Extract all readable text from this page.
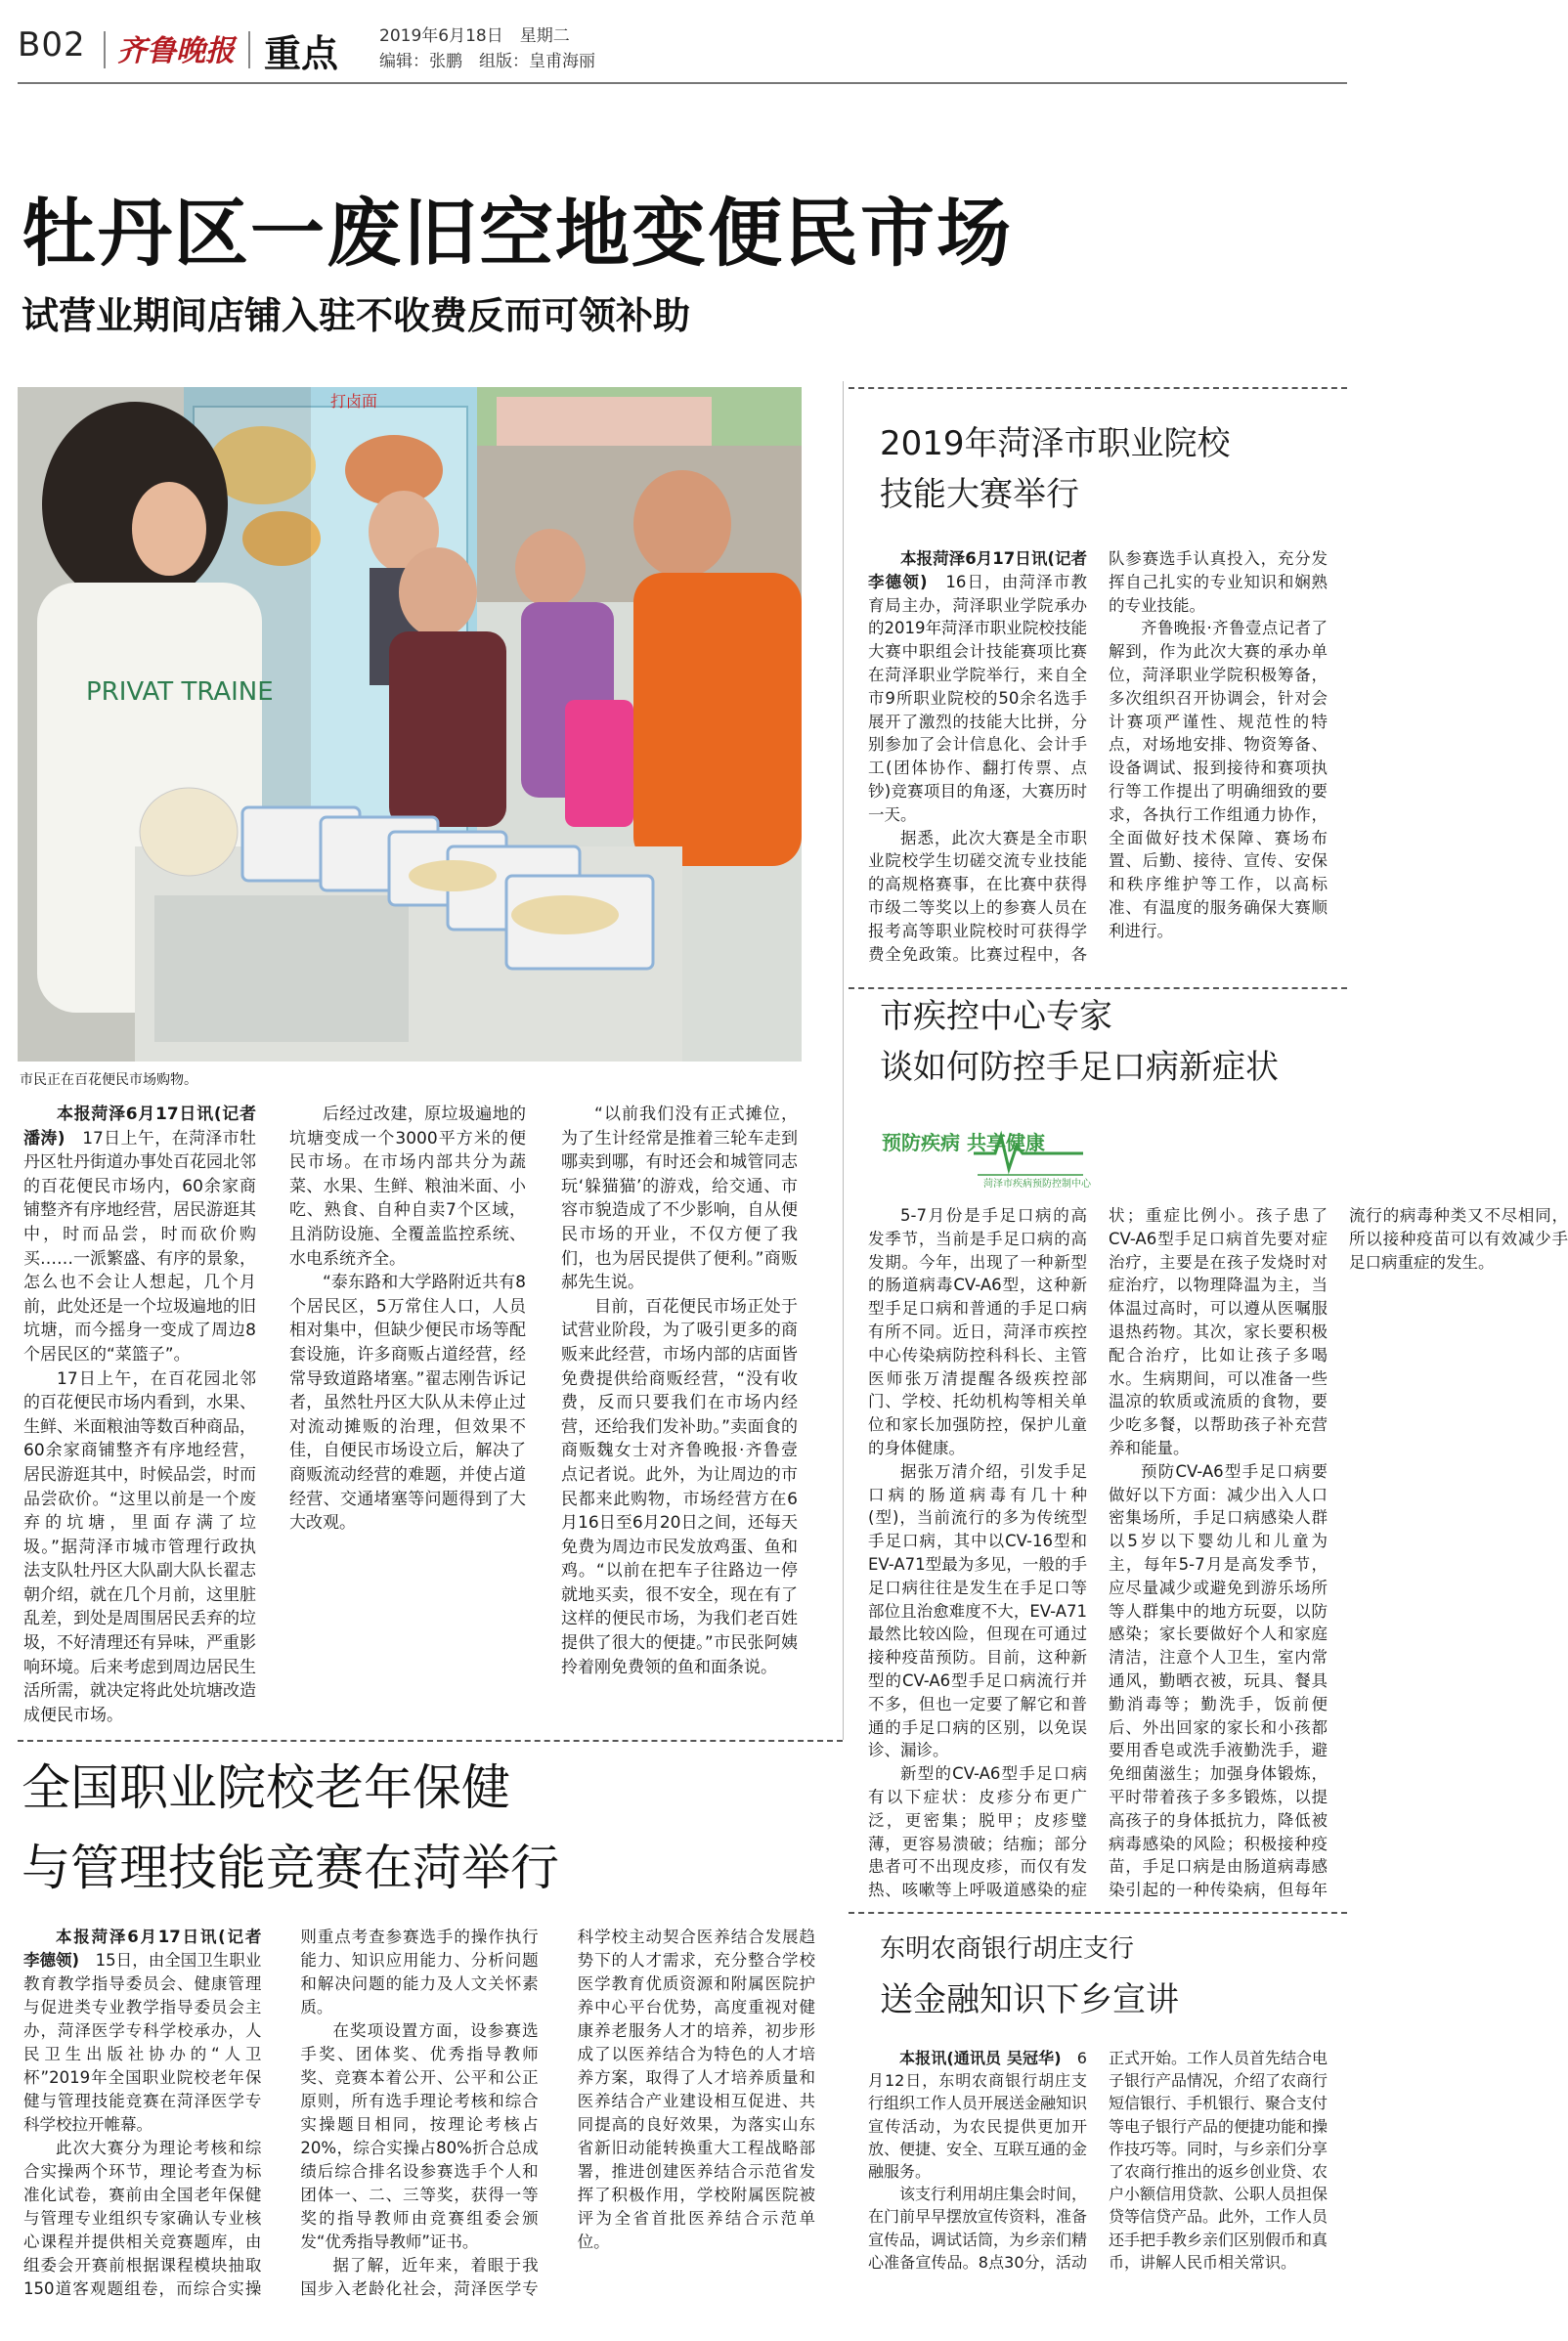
B02 齐鲁晚报 重点 2019年6月18日　星期二
编辑：张鹏　组版：皇甫海丽
牡丹区一废旧空地变便民市场
试营业期间店铺入驻不收费反而可领补助
打卤面
PRIVAT TRAINE
市民正在百花便民市场购物。

本报菏泽6月17日讯(记者 潘涛)　 17日上午，在菏泽市牡丹区牡丹街道办事处百花园北邻的百花便民市场内，60余家商铺整齐有序地经营，居民游逛其中，时而品尝，时而砍价购买……一派繁盛、有序的景象，怎么也不会让人想起，几个月前，此处还是一个垃圾遍地的旧坑塘，而今摇身一变成了周边8个居民区的“菜篮子”。

17日上午，在百花园北邻的百花便民市场内看到，水果、生鲜、米面粮油等数百种商品，60余家商铺整齐有序地经营，居民游逛其中，时候品尝，时而品尝砍价。“这里以前是一个废弃的坑塘，里面存满了垃圾。”据菏泽市城市管理行政执法支队牡丹区大队副大队长翟志朝介绍，就在几个月前，这里脏乱差，到处是周围居民丢弃的垃圾，不好清理还有异味，严重影响环境。后来考虑到周边居民生活所需，就决定将此处坑塘改造成便民市场。

后经过改建，原垃圾遍地的坑塘变成一个3000平方米的便民市场。在市场内部共分为蔬菜、水果、生鲜、粮油米面、小吃、熟食、自种自卖7个区域，且消防设施、全覆盖监控系统、水电系统齐全。

“泰东路和大学路附近共有8个居民区，5万常住人口，人员相对集中，但缺少便民市场等配套设施，许多商贩占道经营，经常导致道路堵塞。”翟志刚告诉记者，虽然牡丹区大队从未停止过对流动摊贩的治理，但效果不佳，自便民市场设立后，解决了商贩流动经营的难题，并使占道经营、交通堵塞等问题得到了大大改观。

“以前我们没有正式摊位，为了生计经常是推着三轮车走到哪卖到哪，有时还会和城管同志玩‘躲猫猫’的游戏，给交通、市容市貌造成了不少影响，自从便民市场的开业，不仅方便了我们，也为居民提供了便利。”商贩郝先生说。

目前，百花便民市场正处于试营业阶段，为了吸引更多的商贩来此经营，市场内部的店面皆免费提供给商贩经营，“没有收费，反而只要我们在市场内经营，还给我们发补助。”卖面食的商贩魏女士对齐鲁晚报·齐鲁壹点记者说。此外，为让周边的市民都来此购物，市场经营方在6月16日至6月20日之间，还每天免费为周边市民发放鸡蛋、鱼和鸡。“以前在把车子往路边一停就地买卖，很不安全，现在有了这样的便民市场，为我们老百姓提供了很大的便捷。”市民张阿姨拎着刚免费领的鱼和面条说。

2019年菏泽市职业院校
技能大赛举行

本报菏泽6月17日讯(记者 李德领)　 16日，由菏泽市教育局主办，菏泽职业学院承办的2019年菏泽市职业院校技能大赛中职组会计技能赛项比赛在菏泽职业学院举行，来自全市9所职业院校的50余名选手展开了激烈的技能大比拼，分别参加了会计信息化、会计手工(团体协作、翻打传票、点钞)竞赛项目的角逐，大赛历时一天。

据悉，此次大赛是全市职业院校学生切磋交流专业技能的高规格赛事，在比赛中获得市级二等奖以上的参赛人员在报考高等职业院校时可获得学费全免政策。比赛过程中，各队参赛选手认真投入，充分发挥自己扎实的专业知识和娴熟的专业技能。

齐鲁晚报·齐鲁壹点记者了解到，作为此次大赛的承办单位，菏泽职业学院积极筹备，多次组织召开协调会，针对会计赛项严谨性、规范性的特点，对场地安排、物资筹备、设备调试、报到接待和赛项执行等工作提出了明确细致的要求，各执行工作组通力协作，全面做好技术保障、赛场布置、后勤、接待、宣传、安保和秩序维护等工作，以高标准、有温度的服务确保大赛顺利进行。

市疾控中心专家
谈如何防控手足口病新症状
预防疾病 共享健康
菏泽市疾病预防控制中心

5-7月份是手足口病的高发季节，当前是手足口病的高发期。今年，出现了一种新型的肠道病毒CV-A6型，这种新型手足口病和普通的手足口病有所不同。近日，菏泽市疾控中心传染病防控科科长、主管医师张万清提醒各级疾控部门、学校、托幼机构等相关单位和家长加强防控，保护儿童的身体健康。

据张万清介绍，引发手足口病的肠道病毒有几十种(型)，当前流行的多为传统型手足口病，其中以CV-16型和EV-A71型最为多见，一般的手足口病往往是发生在手足口等部位且治愈难度不大，EV-A71最然比较凶险，但现在可通过接种疫苗预防。目前，这种新型的CV-A6型手足口病流行并不多，但也一定要了解它和普通的手足口病的区别，以免误诊、漏诊。

新型的CV-A6型手足口病有以下症状：皮疹分布更广泛，更密集；脱甲；皮疹璧薄，更容易溃破；结痂；部分患者可不出现皮疹，而仅有发热、咳嗽等上呼吸道感染的症状；重症比例小。孩子患了CV-A6型手足口病首先要对症治疗，主要是在孩子发烧时对症治疗，以物理降温为主，当体温过高时，可以遵从医嘱服退热药物。其次，家长要积极配合治疗，比如让孩子多喝水。生病期间，可以准备一些温凉的软质或流质的食物，要少吃多餐，以帮助孩子补充营养和能量。

预防CV-A6型手足口病要做好以下方面：减少出入人口密集场所，手足口病感染人群以5岁以下婴幼儿和儿童为主，每年5-7月是高发季节，应尽量减少或避免到游乐场所等人群集中的地方玩耍，以防感染；家长要做好个人和家庭清洁，注意个人卫生，室内常通风，勤晒衣被，玩具、餐具勤消毒等；勤洗手，饭前便后、外出回家的家长和小孩都要用香皂或洗手液勤洗手，避免细菌滋生；加强身体锻炼，平时带着孩子多多锻炼，以提高孩子的身体抵抗力，降低被病毒感染的风险；积极接种疫苗，手足口病是由肠道病毒感染引起的一种传染病，但每年流行的病毒种类又不尽相同，所以接种疫苗可以有效减少手足口病重症的发生。

全国职业院校老年保健
与管理技能竞赛在菏举行

本报菏泽6月17日讯(记者 李德领)　 15日，由全国卫生职业教育教学指导委员会、健康管理与促进类专业教学指导委员会主办，菏泽医学专科学校承办，人民卫生出版社协办的“人卫杯”2019年全国职业院校老年保健与管理技能竞赛在菏泽医学专科学校拉开帷幕。

此次大赛分为理论考核和综合实操两个环节，理论考查为标准化试卷，赛前由全国老年保健与管理专业组织专家确认专业核心课程并提供相关竞赛题库，由组委会开赛前根据课程模块抽取150道客观题组卷，而综合实操则重点考查参赛选手的操作执行能力、知识应用能力、分析问题和解决问题的能力及人文关怀素质。

在奖项设置方面，设参赛选手奖、团体奖、优秀指导教师奖、竞赛本着公开、公平和公正原则，所有选手理论考核和综合实操题目相同，按理论考核占20%，综合实操占80%折合总成绩后综合排名设参赛选手个人和团体一、二、三等奖，获得一等奖的指导教师由竞赛组委会颁发“优秀指导教师”证书。

据了解，近年来，着眼于我国步入老龄化社会，菏泽医学专科学校主动契合医养结合发展趋势下的人才需求，充分整合学校医学教育优质资源和附属医院护养中心平台优势，高度重视对健康养老服务人才的培养，初步形成了以医养结合为特色的人才培养方案，取得了人才培养质量和医养结合产业建设相互促进、共同提高的良好效果，为落实山东省新旧动能转换重大工程战略部署，推进创建医养结合示范省发挥了积极作用，学校附属医院被评为全省首批医养结合示范单位。

东明农商银行胡庄支行
送金融知识下乡宣讲

本报讯(通讯员 吴冠华)　 6月12日，东明农商银行胡庄支行组织工作人员开展送金融知识宣传活动，为农民提供更加开放、便捷、安全、互联互通的金融服务。

该支行利用胡庄集会时间，在门前早早摆放宣传资料，准备宣传品，调试话筒，为乡亲们精心准备宣传品。8点30分，活动正式开始。工作人员首先结合电子银行产品情况，介绍了农商行短信银行、手机银行、聚合支付等电子银行产品的便捷功能和操作技巧等。同时，与乡亲们分享了农商行推出的返乡创业贷、农户小额信用贷款、公职人员担保贷等信贷产品。此外，工作人员还手把手教乡亲们区别假币和真币，讲解人民币相关常识。
